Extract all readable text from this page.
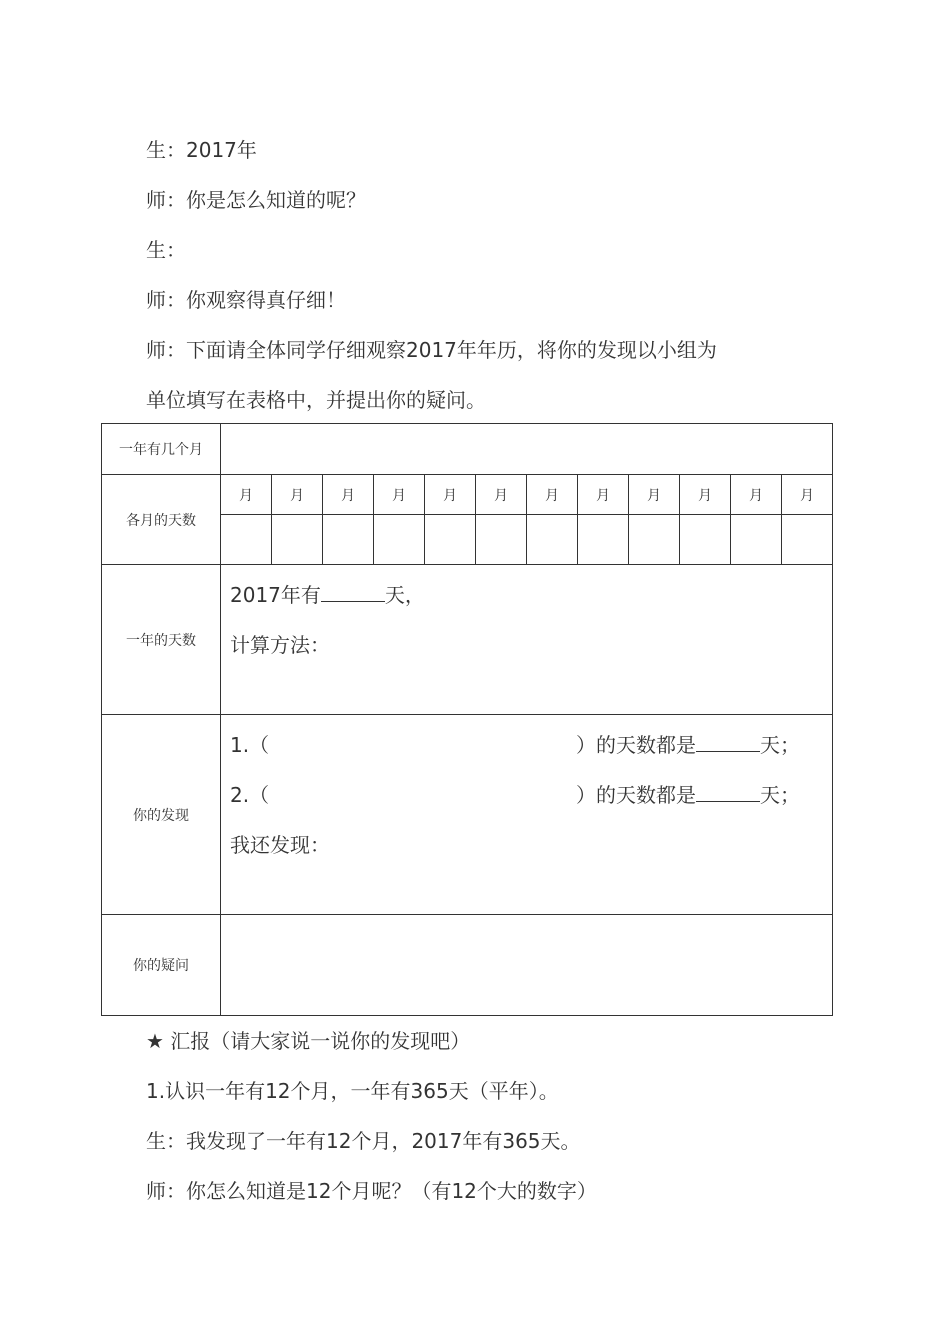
生：2017年
师：你是怎么知道的呢？
生：
师：你观察得真仔细！
师：下面请全体同学仔细观察2017年年历，将你的发现以小组为
单位填写在表格中，并提出你的疑问。
一年有几个月												
各月的天数	月	月	月	月	月	月	月	月	月	月	月	月

一年的天数	2017年有 天，
计算方法：											

你的发现	1.（ ）的天数都是 天；
2.（ ）的天数都是 天；
我还发现：											

你的疑问												
★ 汇报（请大家说一说你的发现吧）
1.认识一年有12个月，一年有365天（平年）。
生：我发现了一年有12个月，2017年有365天。
师：你怎么知道是12个月呢？（有12个大的数字）
